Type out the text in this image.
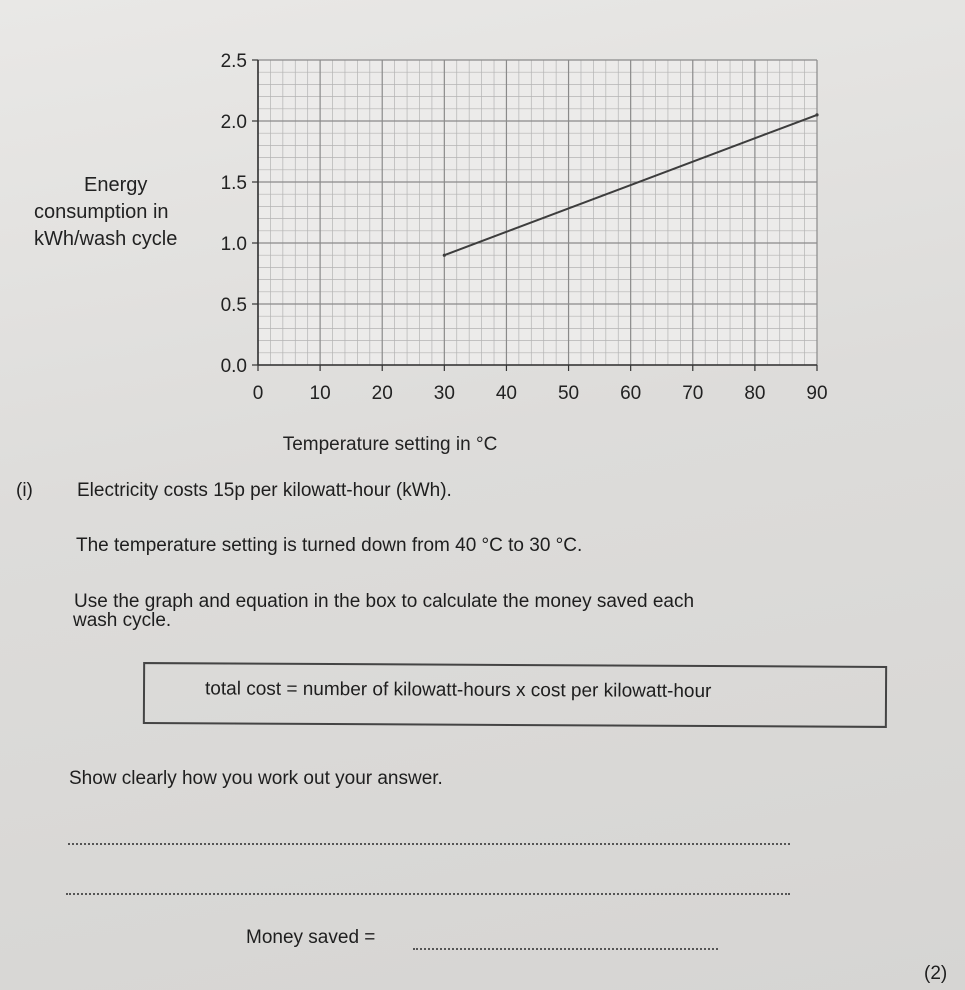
0 10 20 30 40 50 60 70 80 90
0.0
0.5
1.0
1.5
2.0
2.5
Temperature setting in °C
Energy
consumption in
kWh/wash cycle
(i) Electricity costs 15p per kilowatt-hour (kWh).
The temperature setting is turned down from 40 °C to 30 °C.
Use the graph and equation in the box to calculate the money saved each
wash cycle.
total cost = number of kilowatt-hours x cost per kilowatt-hour
Show clearly how you work out your answer.
Money saved =
(2)
